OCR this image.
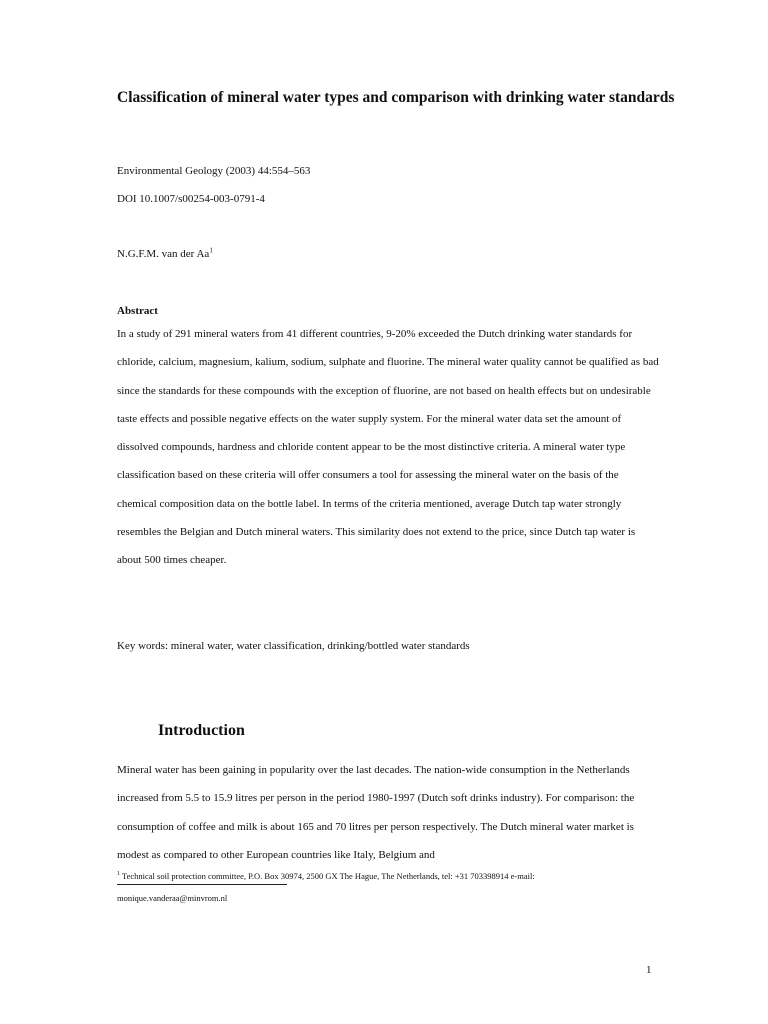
Classification of mineral water types and comparison with drinking water standards
Environmental Geology (2003) 44:554–563
DOI 10.1007/s00254-003-0791-4
N.G.F.M. van der Aa$^1$
Abstract

In a study of 291 mineral waters from 41 different countries, 9-20% exceeded the Dutch drinking water standards for chloride, calcium, magnesium, kalium, sodium, sulphate and fluorine. The mineral water quality cannot be qualified as bad since the standards for these compounds with the exception of fluorine, are not based on health effects but on undesirable taste effects and possible negative effects on the water supply system. For the mineral water data set the amount of dissolved compounds, hardness and chloride content appear to be the most distinctive criteria. A mineral water type classification based on these criteria will offer consumers a tool for assessing the mineral water on the basis of the chemical composition data on the bottle label. In terms of the criteria mentioned, average Dutch tap water strongly resembles the Belgian and Dutch mineral waters. This similarity does not extend to the price, since Dutch tap water is about 500 times cheaper.

Key words: mineral water, water classification, drinking/bottled water standards
Introduction

Mineral water has been gaining in popularity over the last decades. The nation-wide consumption in the Netherlands increased from 5.5 to 15.9 litres per person in the period 1980-1997 (Dutch soft drinks industry). For comparison: the consumption of coffee and milk is about 165 and 70 litres per person respectively. The Dutch mineral water market is modest as compared to other European countries like Italy, Belgium and

$^1$ Technical soil protection committee, P.O. Box 30974, 2500 GX The Hague, The Netherlands, tel: +31 703398914 e-mail: monique.vanderaa@minvrom.nl
1
